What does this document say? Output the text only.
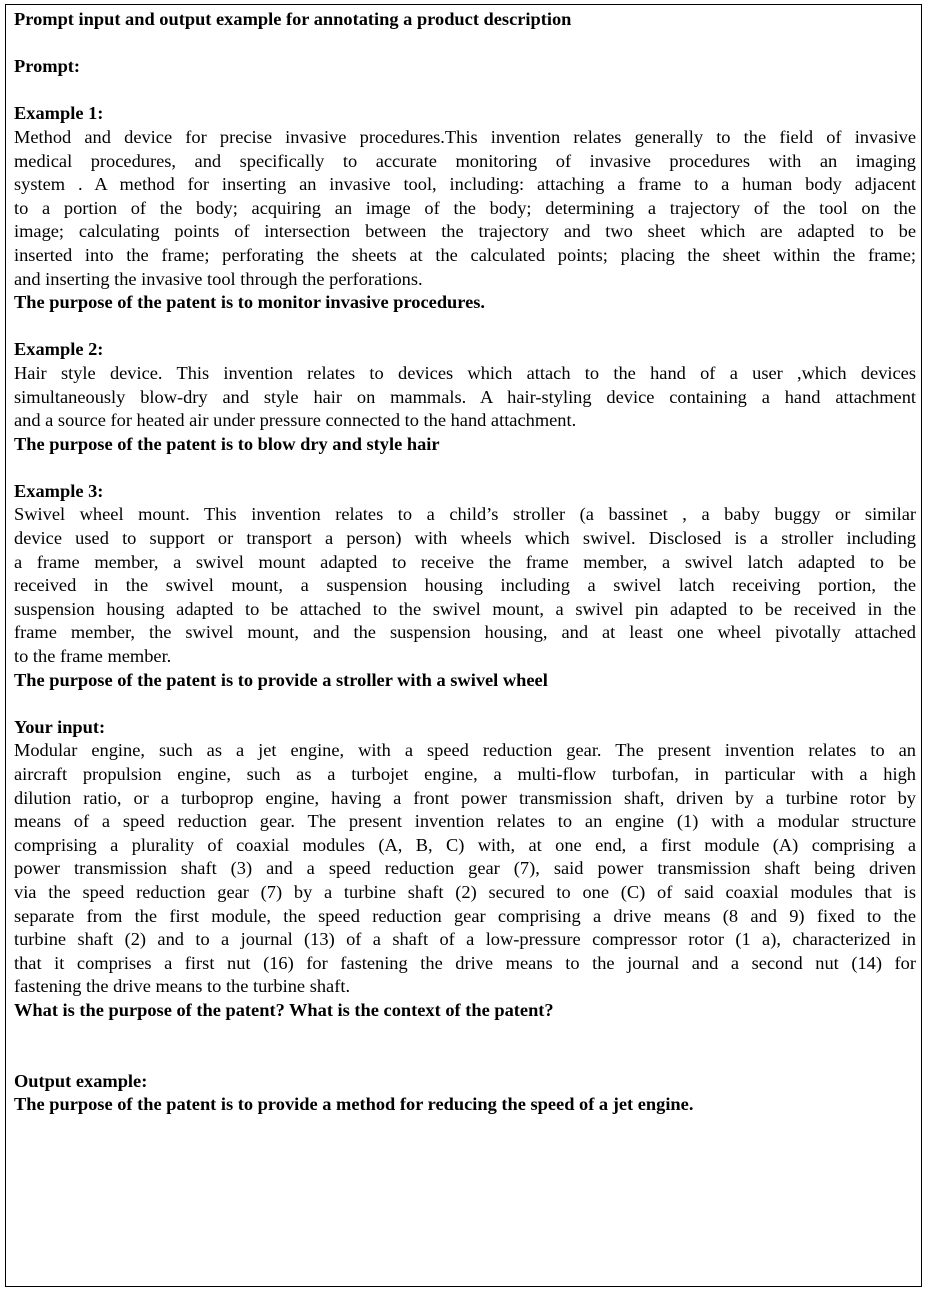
Prompt input and output example for annotating a product description
Prompt:
Example 1:
Method and device for precise invasive procedures.This invention relates generally to the field of invasive
medical procedures, and specifically to accurate monitoring of invasive procedures with an imaging
system . A method for inserting an invasive tool, including: attaching a frame to a human body adjacent
to a portion of the body; acquiring an image of the body; determining a trajectory of the tool on the
image; calculating points of intersection between the trajectory and two sheet which are adapted to be
inserted into the frame; perforating the sheets at the calculated points; placing the sheet within the frame;
and inserting the invasive tool through the perforations.
The purpose of the patent is to monitor invasive procedures.
Example 2:
Hair style device. This invention relates to devices which attach to the hand of a user ,which devices
simultaneously blow-dry and style hair on mammals. A hair-styling device containing a hand attachment
and a source for heated air under pressure connected to the hand attachment.
The purpose of the patent is to blow dry and style hair
Example 3:
Swivel wheel mount. This invention relates to a child’s stroller (a bassinet , a baby buggy or similar
device used to support or transport a person) with wheels which swivel. Disclosed is a stroller including
a frame member, a swivel mount adapted to receive the frame member, a swivel latch adapted to be
received in the swivel mount, a suspension housing including a swivel latch receiving portion, the
suspension housing adapted to be attached to the swivel mount, a swivel pin adapted to be received in the
frame member, the swivel mount, and the suspension housing, and at least one wheel pivotally attached
to the frame member.
The purpose of the patent is to provide a stroller with a swivel wheel
Your input:
Modular engine, such as a jet engine, with a speed reduction gear. The present invention relates to an
aircraft propulsion engine, such as a turbojet engine, a multi-flow turbofan, in particular with a high
dilution ratio, or a turboprop engine, having a front power transmission shaft, driven by a turbine rotor by
means of a speed reduction gear. The present invention relates to an engine (1) with a modular structure
comprising a plurality of coaxial modules (A, B, C) with, at one end, a first module (A) comprising a
power transmission shaft (3) and a speed reduction gear (7), said power transmission shaft being driven
via the speed reduction gear (7) by a turbine shaft (2) secured to one (C) of said coaxial modules that is
separate from the first module, the speed reduction gear comprising a drive means (8 and 9) fixed to the
turbine shaft (2) and to a journal (13) of a shaft of a low-pressure compressor rotor (1 a), characterized in
that it comprises a first nut (16) for fastening the drive means to the journal and a second nut (14) for
fastening the drive means to the turbine shaft.
What is the purpose of the patent? What is the context of the patent?
Output example:
The purpose of the patent is to provide a method for reducing the speed of a jet engine.
